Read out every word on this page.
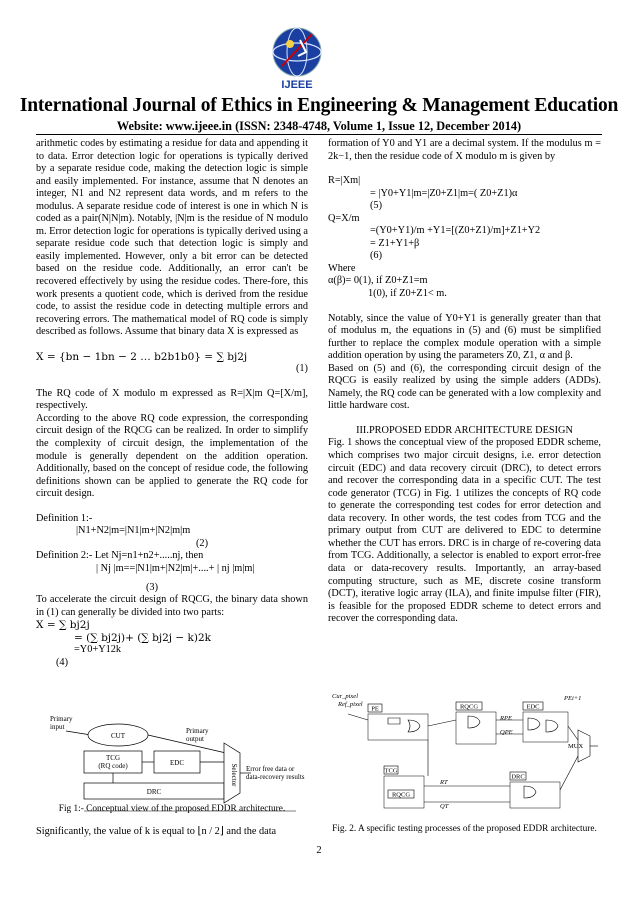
IJEEE
International Journal of Ethics in Engineering & Management Education
Website: www.ijeee.in (ISSN: 2348-4748, Volume 1, Issue 12, December 2014)

arithmetic codes by estimating a residue for data and appending it to data. Error detection logic for operations is typically derived by a separate residue code, making the detection logic is simple and easily implemented. For instance, assume that N denotes an integer, N1 and N2 represent data words, and m refers to the modulus. A separate residue code of interest is one in which N is coded as a pair(N|N|m). Notably, |N|m is the residue of N modulo m. Error detection logic for operations is typically derived using a separate residue code such that detection logic is simply and easily implemented. However, only a bit error can be detected based on the residue code. Additionally, an error can't be recovered effectively by using the residue codes. There-fore, this work presents a quotient code, which is derived from the residue code, to assist the residue code in detecting multiple errors and recovering errors. The mathematical model of RQ code is simply described as follows. Assume that binary data X is expressed as

X = {bn − 1bn − 2 … b2b1b0} = ∑ bj2j
(1)

The RQ code of X modulo m expressed as R=|X|m Q=[X/m], respectively.

According to the above RQ code expression, the corresponding circuit design of the RQCG can be realized. In order to simplify the complexity of circuit design, the implementation of the module is generally dependent on the addition operation. Additionally, based on the concept of residue code, the following definitions shown can be applied to generate the RQ code for circuit design.

Definition 1:-

|N1+N2|m=|N1|m+|N2|m|m

(2)

Definition 2:- Let Nj=n1+n2+.....nj, then

| Nj |m==|N1|m+|N2|m|+....+ | nj |m|m|

(3)

To accelerate the circuit design of RQCG, the binary data shown in (1) can generally be divided into two parts:

X = ∑ bj2j

= (∑ bj2j)+ (∑ bj2j − k)2k

=Y0+Y12k

(4)

Primary
input
CUT
Primary
output
TCG
(RQ code)	EDC
DRC
Selector Error free data or
data-recovery results
Fig 1:- Conceptual view of the proposed EDDR architecture.
Significantly, the value of k is equal to ⌊n / 2⌋ and the data

formation of Y0 and Y1 are a decimal system. If the modulus m = 2k−1, then the residue code of X modulo m is given by

R=|Xm|

= |Y0+Y1|m=|Z0+Z1|m=( Z0+Z1)α

(5)

Q=X/m

=(Y0+Y1)/m +Y1=[(Z0+Z1)/m]+Z1+Y2

= Z1+Y1+β

(6)

Where

α(β)= 0(1), if Z0+Z1=m

1(0), if Z0+Z1< m.

Notably, since the value of Y0+Y1 is generally greater than that of modulus m, the equations in (5) and (6) must be simplified further to replace the complex module operation with a simple addition operation by using the parameters Z0, Z1, α and β.

Based on (5) and (6), the corresponding circuit design of the RQCG is easily realized by using the simple adders (ADDs). Namely, the RQ code can be generated with a low complexity and little hardware cost.

III.PROPOSED EDDR ARCHITECTURE DESIGN

Fig. 1 shows the conceptual view of the proposed EDDR scheme, which comprises two major circuit designs, i.e. error detection circuit (EDC) and data recovery circuit (DRC), to detect errors and recover the corresponding data in a specific CUT. The test code generator (TCG) in Fig. 1 utilizes the concepts of RQ code to generate the corresponding test codes for error detection and data recovery. In other words, the test codes from TCG and the primary output from CUT are delivered to EDC to determine whether the CUT has errors. DRC is in charge of re-covering data from TCG. Additionally, a selector is enabled to export error-free data or data-recovery results. Importantly, an array-based computing structure, such as ME, discrete cosine transform (DCT), iterative logic array (ILA), and finite impulse filter (FIR), is feasible for the proposed EDDR scheme to detect errors and recover the corresponding data.

Cur_pixel
Ref_pixel
PE	RQCG
RPE
QPE
EDC
PEi+1
MUX
TCG
RQCG
RT
QT
DRC
Fig. 2. A specific testing processes of the proposed EDDR architecture.
2
